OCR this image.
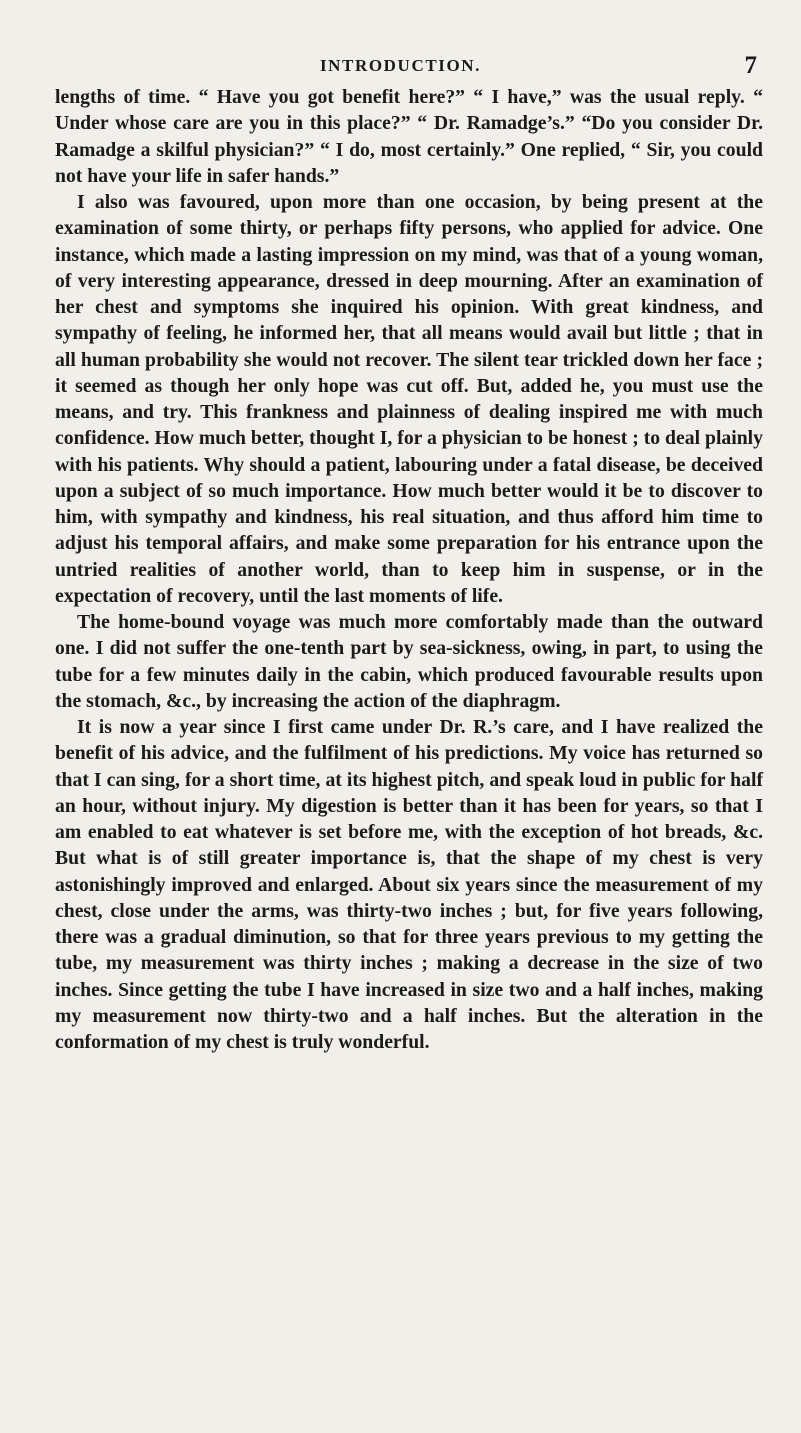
INTRODUCTION.	7

lengths of time. “ Have you got benefit here?” “ I have,” was the usual reply. “ Under whose care are you in this place?” “ Dr. Ramadge’s.” “Do you consider Dr. Ramadge a skilful physician?” “ I do, most certainly.” One replied, “ Sir, you could not have your life in safer hands.”

I also was favoured, upon more than one occasion, by being present at the examination of some thirty, or perhaps fifty persons, who applied for advice. One instance, which made a lasting impression on my mind, was that of a young woman, of very interesting appearance, dressed in deep mourning. After an examination of her chest and symptoms she inquired his opinion. With great kindness, and sympathy of feeling, he informed her, that all means would avail but little ; that in all human probability she would not recover. The silent tear trickled down her face ; it seemed as though her only hope was cut off. But, added he, you must use the means, and try. This frankness and plainness of dealing inspired me with much confidence. How much better, thought I, for a physician to be honest ; to deal plainly with his patients. Why should a patient, labouring under a fatal disease, be deceived upon a subject of so much importance. How much better would it be to discover to him, with sympathy and kindness, his real situation, and thus afford him time to adjust his temporal affairs, and make some preparation for his entrance upon the untried realities of another world, than to keep him in suspense, or in the expectation of recovery, until the last moments of life.

The home-bound voyage was much more comfortably made than the outward one. I did not suffer the one-tenth part by sea-sickness, owing, in part, to using the tube for a few minutes daily in the cabin, which produced favourable results upon the stomach, &c., by increasing the action of the diaphragm.

It is now a year since I first came under Dr. R.’s care, and I have realized the benefit of his advice, and the fulfilment of his predictions. My voice has returned so that I can sing, for a short time, at its highest pitch, and speak loud in public for half an hour, without injury. My digestion is better than it has been for years, so that I am enabled to eat whatever is set before me, with the exception of hot breads, &c. But what is of still greater importance is, that the shape of my chest is very astonishingly improved and enlarged. About six years since the measurement of my chest, close under the arms, was thirty-two inches ; but, for five years following, there was a gradual diminution, so that for three years previous to my getting the tube, my measurement was thirty inches ; making a decrease in the size of two inches. Since getting the tube I have increased in size two and a half inches, making my measurement now thirty-two and a half inches. But the alteration in the conformation of my chest is truly wonderful.
